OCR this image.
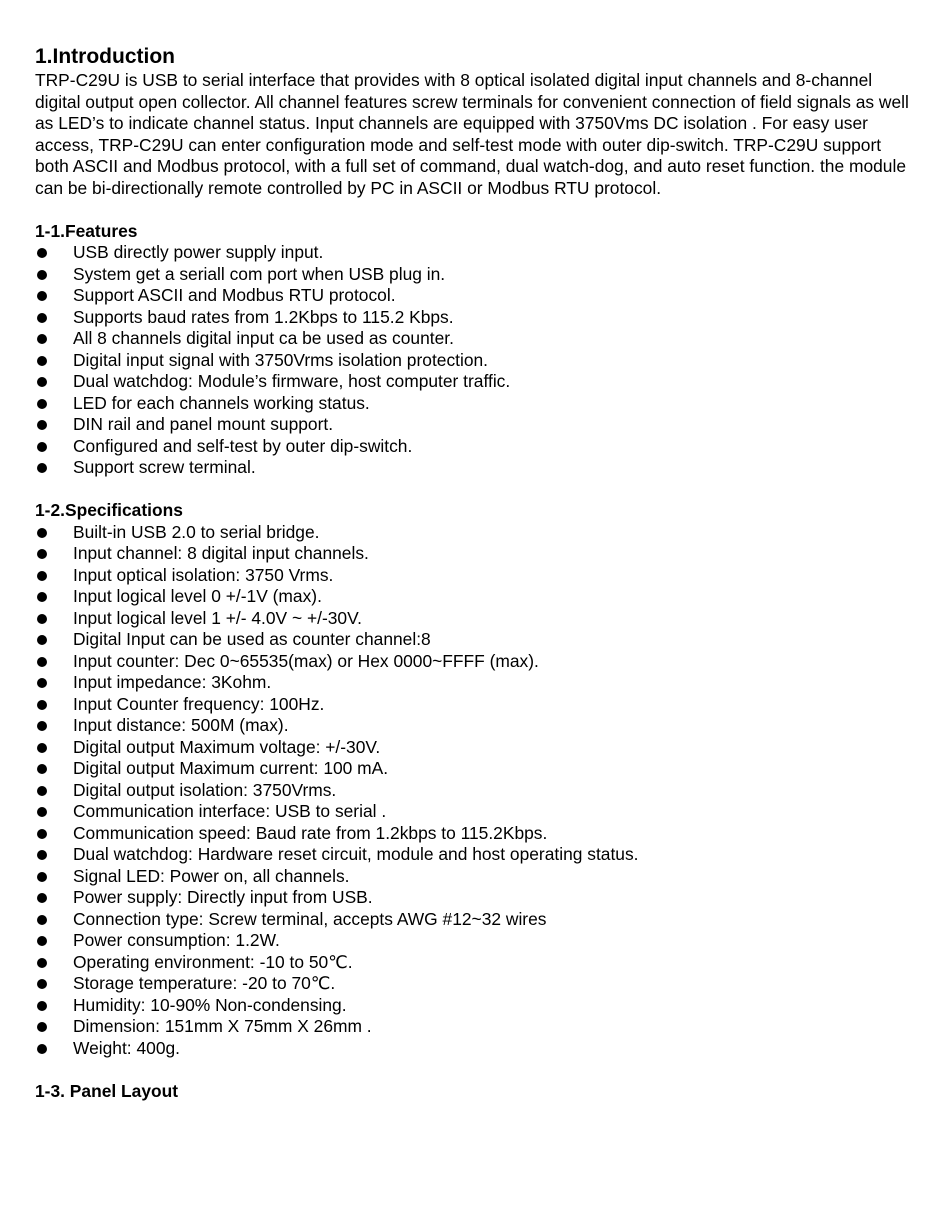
1.Introduction

TRP-C29U is USB to serial interface that provides with 8 optical isolated digital input channels and 8-channel digital output open collector. All channel features screw terminals for convenient connection of field signals as well as LED’s to indicate channel status. Input channels are equipped with 3750Vms DC isolation . For easy user access, TRP-C29U can enter configuration mode and self-test mode with outer dip-switch. TRP-C29U support both ASCII and Modbus protocol, with a full set of command, dual watch-dog, and auto reset function. the module can be bi-directionally remote controlled by PC in ASCII or Modbus RTU protocol.

1-1.Features
USB directly power supply input.
System get a seriall com port when USB plug in.
Support ASCII and Modbus RTU protocol.
Supports baud rates from 1.2Kbps to 115.2 Kbps.
All 8 channels digital input ca be used as counter.
Digital input signal with 3750Vrms isolation protection.
Dual watchdog: Module’s firmware, host computer traffic.
LED for each channels working status.
DIN rail and panel mount support.
Configured and self-test by outer dip-switch.
Support screw terminal.
1-2.Specifications
Built-in USB 2.0 to serial bridge.
Input channel: 8 digital input channels.
Input optical isolation: 3750 Vrms.
Input logical level 0 +/-1V (max).
Input logical level 1 +/- 4.0V ~ +/-30V.
Digital Input can be used as counter channel:8
Input counter: Dec 0~65535(max) or Hex 0000~FFFF (max).
Input impedance: 3Kohm.
Input Counter frequency: 100Hz.
Input distance: 500M (max).
Digital output Maximum voltage: +/-30V.
Digital output Maximum current: 100 mA.
Digital output isolation: 3750Vrms.
Communication interface: USB to serial .
Communication speed: Baud rate from 1.2kbps to 115.2Kbps.
Dual watchdog: Hardware reset circuit, module and host operating status.
Signal LED: Power on, all channels.
Power supply: Directly input from USB.
Connection type: Screw terminal, accepts AWG #12~32 wires
Power consumption: 1.2W.
Operating environment: -10 to 50℃.
Storage temperature: -20 to 70℃.
Humidity: 10-90% Non-condensing.
Dimension: 151mm X 75mm X 26mm .
Weight: 400g.
1-3. Panel Layout
